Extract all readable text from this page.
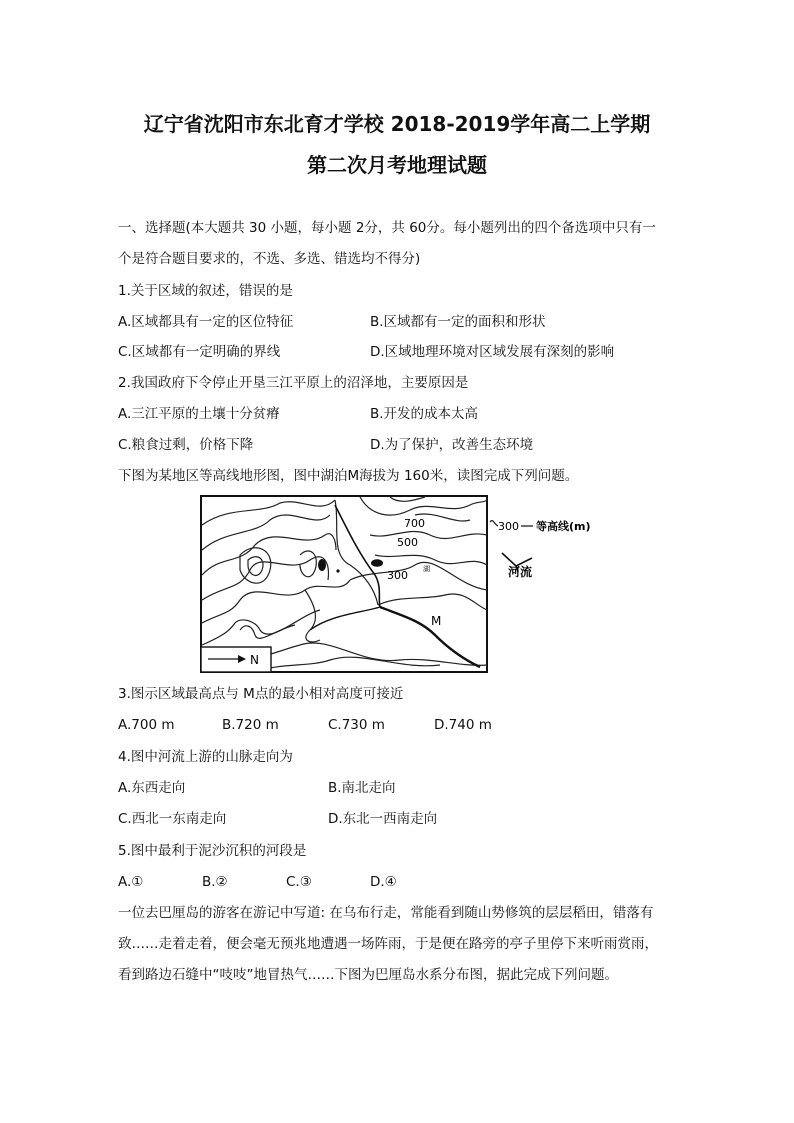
辽宁省沈阳市东北育才学校 2018-2019学年高二上学期
第二次月考地理试题
一、选择题(本大题共 30 小题，每小题 2分，共 60分。每小题列出的四个备选项中只有一
个是符合题目要求的，不选、多选、错选均不得分)
1.关于区域的叙述，错误的是
A.区域都具有一定的区位特征	B.区域都有一定的面积和形状
C.区域都有一定明确的界线	D.区域地理环境对区域发展有深刻的影响
2.我国政府下令停止开垦三江平原上的沼泽地，主要原因是
A.三江平原的土壤十分贫瘠	B.开发的成本太高
C.粮食过剩，价格下降	D.为了保护，改善生态环境
下图为某地区等高线地形图，图中湖泊M海拔为 160米，读图完成下列问题。
700
500
300 湖
M
N
300 等高线(m)
河流
3.图示区域最高点与 M点的最小相对高度可接近
A.700 m	B.720 m	C.730 m	D.740 m
4.图中河流上游的山脉走向为
A.东西走向	B.南北走向
C.西北一东南走向	D.东北一西南走向
5.图中最利于泥沙沉积的河段是
A.①	B.②	C.③	D.④
一位去巴厘岛的游客在游记中写道: 在乌布行走，常能看到随山势修筑的层层稻田，错落有
致……走着走着，便会毫无预兆地遭遇一场阵雨，于是便在路旁的亭子里停下来听雨赏雨，
看到路边石缝中“吱吱”地冒热气……下图为巴厘岛水系分布图，据此完成下列问题。
